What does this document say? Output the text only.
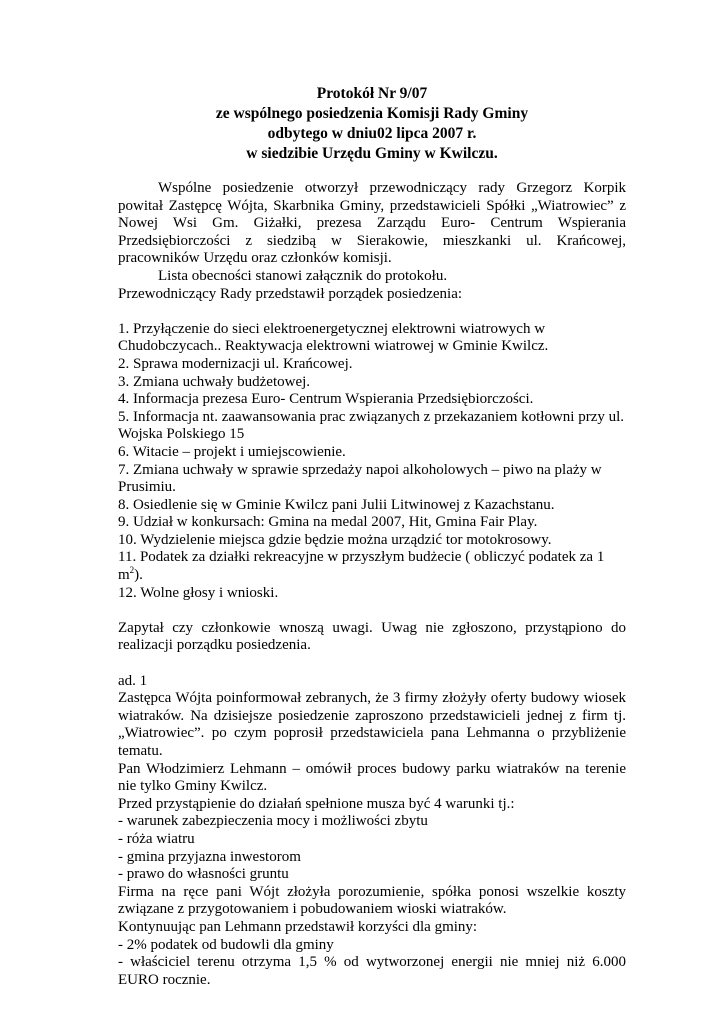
Protokół Nr 9/07
ze wspólnego posiedzenia Komisji Rady Gminy
odbytego w dniu02 lipca 2007 r.
w siedzibie Urzędu Gminy w Kwilczu.

Wspólne posiedzenie otworzył przewodniczący rady Grzegorz Korpik powitał Zastępcę Wójta, Skarbnika Gminy, przedstawicieli Spółki „Wiatrowiec” z Nowej Wsi Gm. Giżałki, prezesa Zarządu Euro- Centrum Wspierania Przedsiębiorczości z siedzibą w Sierakowie, mieszkanki ul. Krańcowej, pracowników Urzędu oraz członków komisji.

Lista obecności stanowi załącznik do protokołu.

Przewodniczący Rady przedstawił porządek posiedzenia:

1. Przyłączenie do sieci elektroenergetycznej elektrowni wiatrowych w Chudobczycach.. Reaktywacja elektrowni wiatrowej w Gminie Kwilcz.

2. Sprawa modernizacji ul. Krańcowej.

3. Zmiana uchwały budżetowej.

4. Informacja prezesa Euro- Centrum Wspierania Przedsiębiorczości.

5. Informacja nt. zaawansowania prac związanych z przekazaniem kotłowni przy ul. Wojska Polskiego 15

6. Witacie – projekt i umiejscowienie.

7. Zmiana uchwały w sprawie sprzedaży napoi alkoholowych – piwo na plaży w Prusimiu.

8. Osiedlenie się w Gminie Kwilcz pani Julii Litwinowej z Kazachstanu.

9. Udział w konkursach: Gmina na medal 2007, Hit, Gmina Fair Play.

10. Wydzielenie miejsca gdzie będzie można urządzić tor motokrosowy.

11. Podatek za działki rekreacyjne w przyszłym budżecie ( obliczyć podatek za 1 $m^2$).

12. Wolne głosy i wnioski.

Zapytał czy członkowie wnoszą uwagi. Uwag nie zgłoszono, przystąpiono do realizacji porządku posiedzenia.

ad. 1

Zastępca Wójta poinformował zebranych, że 3 firmy złożyły oferty budowy wiosek wiatraków. Na dzisiejsze posiedzenie zaproszono przedstawicieli jednej z firm tj. „Wiatrowiec”. po czym poprosił przedstawiciela pana Lehmanna o przybliżenie tematu.

Pan Włodzimierz Lehmann – omówił proces budowy parku wiatraków na terenie nie tylko Gminy Kwilcz.

Przed przystąpienie do działań spełnione musza być 4 warunki tj.:

- warunek zabezpieczenia mocy i możliwości zbytu

- róża wiatru

- gmina przyjazna inwestorom

- prawo do własności gruntu

Firma na ręce pani Wójt złożyła porozumienie, spółka ponosi wszelkie koszty związane z przygotowaniem i pobudowaniem wioski wiatraków.

Kontynuując pan Lehmann przedstawił korzyści dla gminy:

- 2% podatek od budowli dla gminy

- właściciel terenu otrzyma 1,5 % od wytworzonej energii nie mniej niż 6.000 EURO rocznie.
